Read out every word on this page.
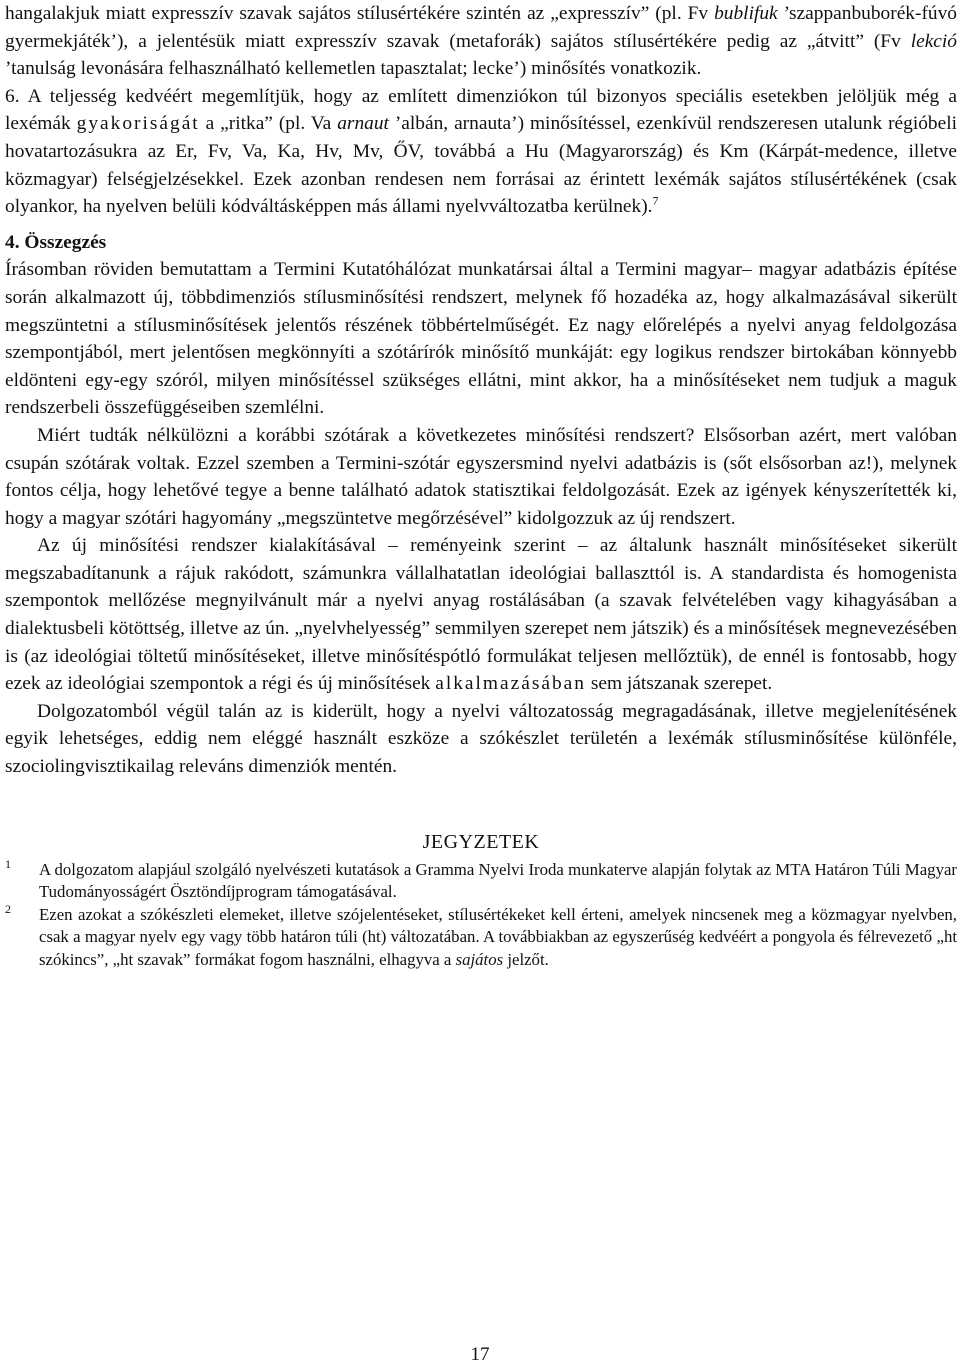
hangalakjuk miatt expresszív szavak sajátos stílusértékére szintén az „expresszív” (pl. Fv bublifuk ’szappanbuborék-fúvó gyermekjáték’), a jelentésük miatt expresszív szavak (metaforák) sajátos stílusértékére pedig az „átvitt” (Fv lekció ’tanulság levonására felhasználható kellemetlen tapasztalat; lecke’) minősítés vonatkozik.

6. A teljesség kedvéért megemlítjük, hogy az említett dimenziókon túl bizonyos speciális esetekben jelöljük még a lexémák gyakoriságát a „ritka” (pl. Va arnaut ’albán, arnauta’) minősítéssel, ezenkívül rendszeresen utalunk régióbeli hovatartozásukra az Er, Fv, Va, Ka, Hv, Mv, ŐV, továbbá a Hu (Magyarország) és Km (Kárpát-medence, illetve közmagyar) felségjelzésekkel. Ezek azonban rendesen nem forrásai az érintett lexémák sajátos stílusértékének (csak olyankor, ha nyelven belüli kódváltásképpen más állami nyelvváltozatba kerülnek).$^7$

4. Összegzés

Írásomban röviden bemutattam a Termini Kutatóhálózat munkatársai által a Termini magyar– magyar adatbázis építése során alkalmazott új, többdimenziós stílusminősítési rendszert, melynek fő hozadéka az, hogy alkalmazásával sikerült megszüntetni a stílusminősítések jelentős részének többértelműségét. Ez nagy előrelépés a nyelvi anyag feldolgozása szempontjából, mert jelentősen megkönnyíti a szótárírók minősítő munkáját: egy logikus rendszer birtokában könnyebb eldönteni egy-egy szóról, milyen minősítéssel szükséges ellátni, mint akkor, ha a minősítéseket nem tudjuk a maguk rendszerbeli összefüggéseiben szemlélni.

Miért tudták nélkülözni a korábbi szótárak a következetes minősítési rendszert? Elsősorban azért, mert valóban csupán szótárak voltak. Ezzel szemben a Termini-szótár egyszersmind nyelvi adatbázis is (sőt elsősorban az!), melynek fontos célja, hogy lehetővé tegye a benne található adatok statisztikai feldolgozását. Ezek az igények kényszerítették ki, hogy a magyar szótári hagyomány „megszüntetve megőrzésével” kidolgozzuk az új rendszert.

Az új minősítési rendszer kialakításával – reményeink szerint – az általunk használt minősítéseket sikerült megszabadítanunk a rájuk rakódott, számunkra vállalhatatlan ideológiai ballaszttól is. A standardista és homogenista szempontok mellőzése megnyilvánult már a nyelvi anyag rostálásában (a szavak felvételében vagy kihagyásában a dialektusbeli kötöttség, illetve az ún. „nyelvhelyesség” semmilyen szerepet nem játszik) és a minősítések megnevezésében is (az ideológiai töltetű minősítéseket, illetve minősítéspótló formulákat teljesen mellőztük), de ennél is fontosabb, hogy ezek az ideológiai szempontok a régi és új minősítések alkalmazásában sem játszanak szerepet.

Dolgozatomból végül talán az is kiderült, hogy a nyelvi változatosság megragadásának, illetve megjelenítésének egyik lehetséges, eddig nem eléggé használt eszköze a szókészlet területén a lexémák stílusminősítése különféle, szociolingvisztikailag releváns dimenziók mentén.

JEGYZETEK

1 A dolgozatom alapjául szolgáló nyelvészeti kutatások a Gramma Nyelvi Iroda munkaterve alapján folytak az MTA Határon Túli Magyar Tudományosságért Ösztöndíjprogram támogatásával.

2 Ezen azokat a szókészleti elemeket, illetve szójelentéseket, stílusértékeket kell érteni, amelyek nincsenek meg a közmagyar nyelvben, csak a magyar nyelv egy vagy több határon túli (ht) változatában. A továbbiakban az egyszerűség kedvéért a pongyola és félrevezető „ht szókincs”, „ht szavak” formákat fogom használni, elhagyva a sajátos jelzőt.

17
